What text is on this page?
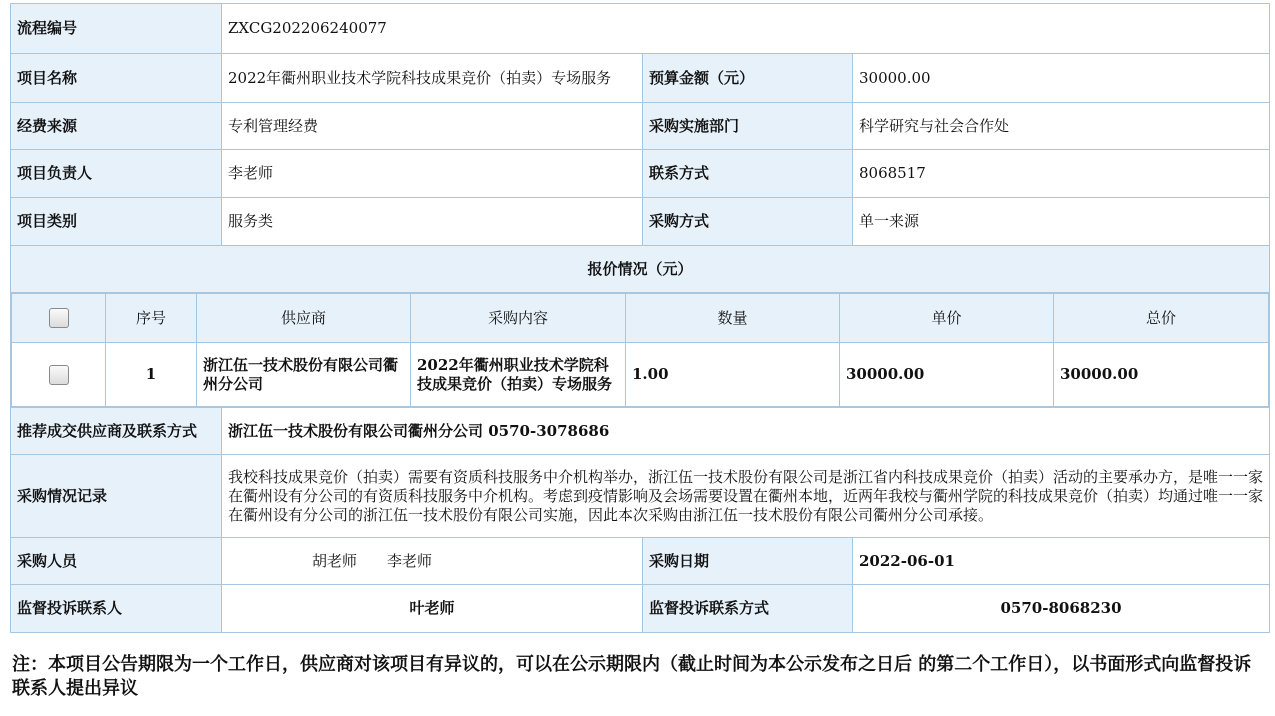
流程编号	ZXCG202206240077
项目名称	2022年衢州职业技术学院科技成果竞价（拍卖）专场服务	预算金额（元）	30000.00
经费来源	专利管理经费	采购实施部门	科学研究与社会合作处
项目负责人	李老师	联系方式	8068517
项目类别	服务类	采购方式	单一来源
报价情况（元）

	序号	供应商	采购内容	数量	单价	总价
	1	浙江伍一技术股份有限公司衢州分公司	2022年衢州职业技术学院科技成果竞价（拍卖）专场服务	1.00	30000.00	30000.00

推荐成交供应商及联系方式	浙江伍一技术股份有限公司衢州分公司 0570-3078686
采购情况记录	我校科技成果竞价（拍卖）需要有资质科技服务中介机构举办，浙江伍一技术股份有限公司是浙江省内科技成果竞价（拍卖）活动的主要承办方，是唯一一家在衢州设有分公司的有资质科技服务中介机构。考虑到疫情影响及会场需要设置在衢州本地，近两年我校与衢州学院的科技成果竞价（拍卖）均通过唯一一家在衢州设有分公司的浙江伍一技术股份有限公司实施，因此本次采购由浙江伍一技术股份有限公司衢州分公司承接。
采购人员	胡老师 李老师	采购日期	2022-06-01
监督投诉联系人	叶老师	监督投诉联系方式	0570-8068230
注：本项目公告期限为一个工作日，供应商对该项目有异议的，可以在公示期限内（截止时间为本公示发布之日后 的第二个工作日），以书面形式向监督投诉联系人提出异议
